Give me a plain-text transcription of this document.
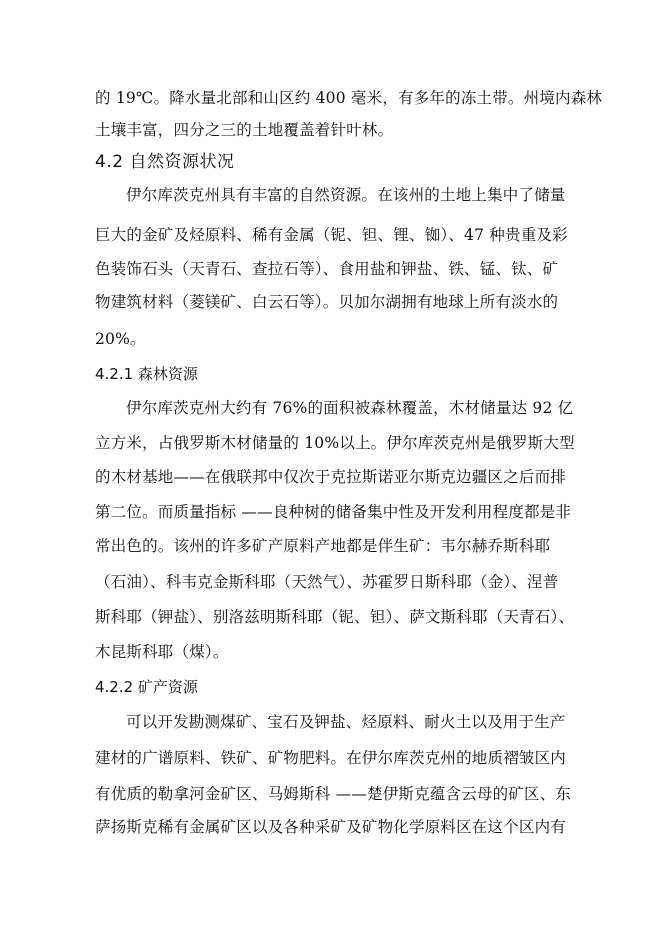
的 19℃。降水量北部和山区约 400 毫米，有多年的冻土带。州境内森林
土壤丰富，四分之三的土地覆盖着针叶林。
4.2 自然资源状况
伊尔库茨克州具有丰富的自然资源。在该州的土地上集中了储量
巨大的金矿及烃原料、稀有金属（铌、钽、锂、铷）、47 种贵重及彩
色装饰石头（天青石、查拉石等）、食用盐和钾盐、铁、锰、钛、矿
物建筑材料（菱镁矿、白云石等）。贝加尔湖拥有地球上所有淡水的
20%。
4.2.1 森林资源
伊尔库茨克州大约有 76%的面积被森林覆盖，木材储量达 92 亿
立方米，占俄罗斯木材储量的 10%以上。伊尔库茨克州是俄罗斯大型
的木材基地——在俄联邦中仅次于克拉斯诺亚尔斯克边疆区之后而排
第二位。而质量指标 ——良种树的储备集中性及开发利用程度都是非
常出色的。该州的许多矿产原料产地都是伴生矿：韦尔赫乔斯科耶
（石油）、科韦克金斯科耶（天然气）、苏霍罗日斯科耶（金）、涅普
斯科耶（钾盐）、别洛兹明斯科耶（铌、钽）、萨文斯科耶（天青石）、
木昆斯科耶（煤）。
4.2.2 矿产资源
可以开发勘测煤矿、宝石及钾盐、烃原料、耐火土以及用于生产
建材的广谱原料、铁矿、矿物肥料。在伊尔库茨克州的地质褶皱区内
有优质的勒拿河金矿区、马姆斯科 ——楚伊斯克蕴含云母的矿区、东
萨扬斯克稀有金属矿区以及各种采矿及矿物化学原料区在这个区内有
